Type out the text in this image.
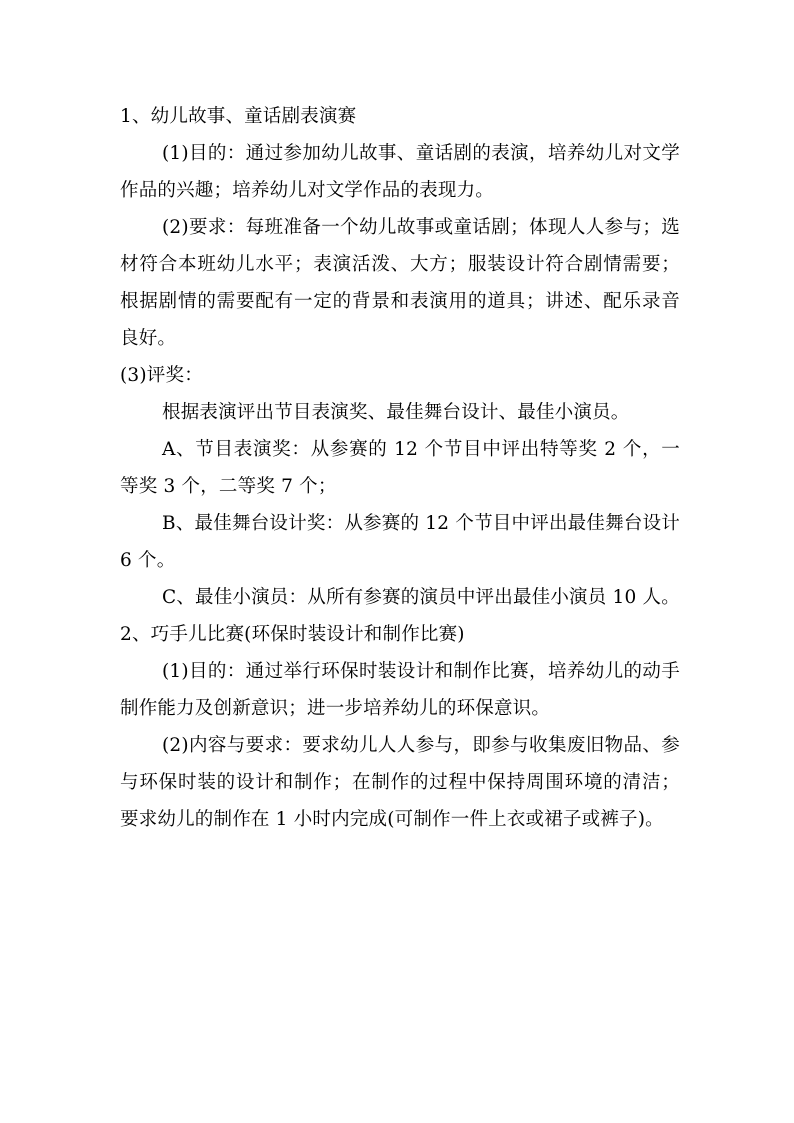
1、幼儿故事、童话剧表演赛

(1)目的：通过参加幼儿故事、童话剧的表演，培养幼儿对文学作品的兴趣；培养幼儿对文学作品的表现力。

(2)要求：每班准备一个幼儿故事或童话剧；体现人人参与；选材符合本班幼儿水平；表演活泼、大方；服装设计符合剧情需要；根据剧情的需要配有一定的背景和表演用的道具；讲述、配乐录音良好。

(3)评奖：

根据表演评出节目表演奖、最佳舞台设计、最佳小演员。

A、节目表演奖：从参赛的 12 个节目中评出特等奖 2 个，一等奖 3 个，二等奖 7 个；

B、最佳舞台设计奖：从参赛的 12 个节目中评出最佳舞台设计 6 个。

C、最佳小演员：从所有参赛的演员中评出最佳小演员 10 人。

2、巧手儿比赛(环保时装设计和制作比赛)

(1)目的：通过举行环保时装设计和制作比赛，培养幼儿的动手制作能力及创新意识；进一步培养幼儿的环保意识。

(2)内容与要求：要求幼儿人人参与，即参与收集废旧物品、参与环保时装的设计和制作；在制作的过程中保持周围环境的清洁；要求幼儿的制作在 1 小时内完成(可制作一件上衣或裙子或裤子)。
